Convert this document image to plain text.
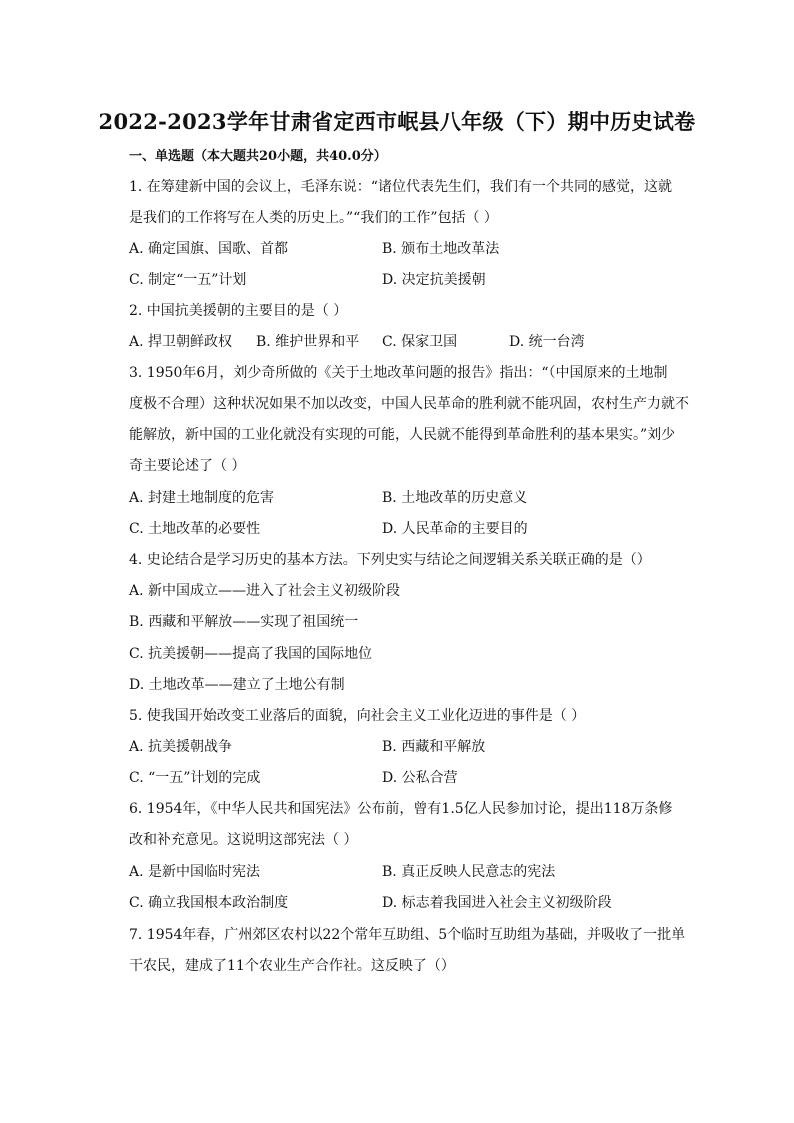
2022-2023学年甘肃省定西市岷县八年级（下）期中历史试卷
一、单选题（本大题共20小题，共40.0分）
1. 在筹建新中国的会议上，毛泽东说：“诸位代表先生们，我们有一个共同的感觉，这就
是我们的工作将写在人类的历史上。”“我们的工作”包括（ ）
A. 确定国旗、国歌、首都	B. 颁布土地改革法
C. 制定“一五”计划	D. 决定抗美援朝
2. 中国抗美援朝的主要目的是（ ）
A. 捍卫朝鲜政权 B. 维护世界和平 C. 保家卫国	D. 统一台湾
3. 1950年6月，刘少奇所做的《关于土地改革问题的报告》指出：“（中国原来的土地制
度极不合理）这种状况如果不加以改变，中国人民革命的胜利就不能巩固，农村生产力就不
能解放，新中国的工业化就没有实现的可能，人民就不能得到革命胜利的基本果实。”刘少
奇主要论述了（ ）
A. 封建土地制度的危害	B. 土地改革的历史意义
C. 土地改革的必要性	D. 人民革命的主要目的
4. 史论结合是学习历史的基本方法。下列史实与结论之间逻辑关系关联正确的是（）
A. 新中国成立——进入了社会主义初级阶段
B. 西藏和平解放——实现了祖国统一
C. 抗美援朝——提高了我国的国际地位
D. 土地改革——建立了土地公有制
5. 使我国开始改变工业落后的面貌，向社会主义工业化迈进的事件是（ ）
A. 抗美援朝战争	B. 西藏和平解放
C. “一五”计划的完成	D. 公私合营
6. 1954年，《中华人民共和国宪法》公布前，曾有1.5亿人民参加讨论，提出118万条修
改和补充意见。这说明这部宪法（ ）
A. 是新中国临时宪法	B. 真正反映人民意志的宪法
C. 确立我国根本政治制度	D. 标志着我国进入社会主义初级阶段
7. 1954年春，广州郊区农村以22个常年互助组、5个临时互助组为基础，并吸收了一批单
干农民，建成了11个农业生产合作社。这反映了（）
